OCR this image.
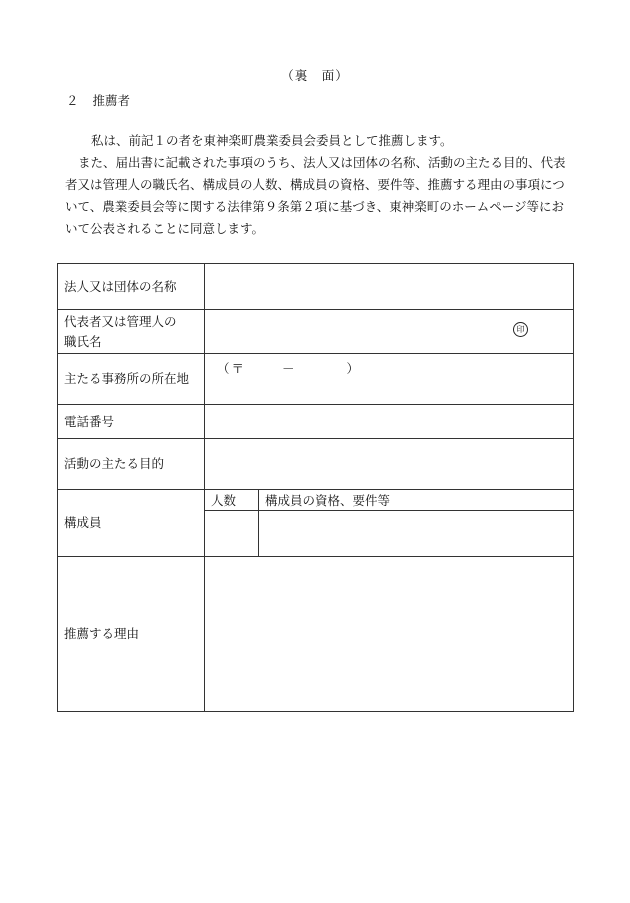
（裏　面）
２ 推薦者

私は、前記１の者を東神楽町農業委員会委員として推薦します。

また、届出書に記載された事項のうち、法人又は団体の名称、活動の主たる目的、代表者又は管理人の職氏名、構成員の人数、構成員の資格、要件等、推薦する理由の事項について、農業委員会等に関する法律第９条第２項に基づき、東神楽町のホームページ等において公表されることに同意します。

法人又は団体の名称		

代表者又は管理人の
職氏名	印	

主たる事務所の所在地	（ 〒 － ）	

電話番号		
活動の主たる目的		
構成員	人数	構成員の資格、要件等

推薦する理由		
